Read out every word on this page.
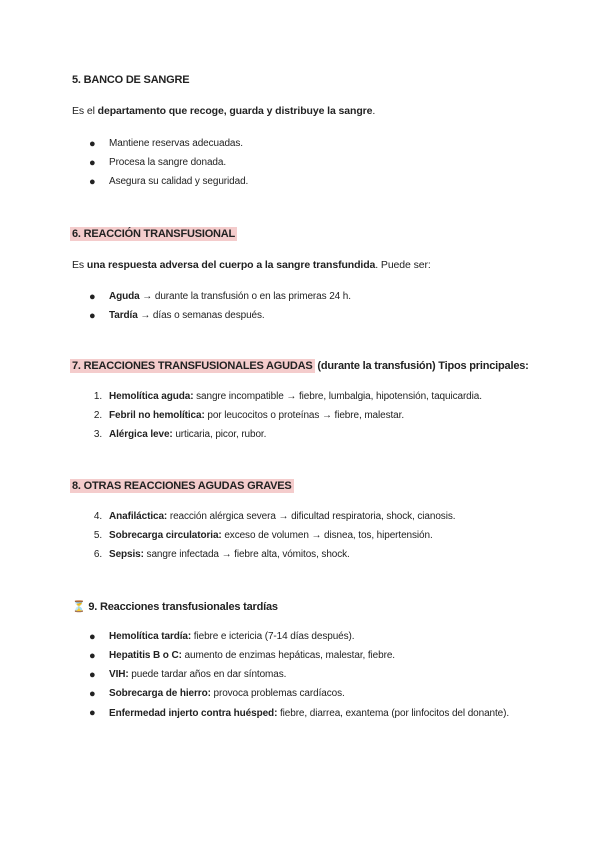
5. BANCO DE SANGRE
Es el departamento que recoge, guarda y distribuye la sangre.
● Mantiene reservas adecuadas.
● Procesa la sangre donada.
● Asegura su calidad y seguridad.
6. REACCIÓN TRANSFUSIONAL
Es una respuesta adversa del cuerpo a la sangre transfundida. Puede ser:
● Aguda → durante la transfusión o en las primeras 24 h.
● Tardía → días o semanas después.
7. REACCIONES TRANSFUSIONALES AGUDAS (durante la transfusión) Tipos principales:
1. Hemolítica aguda: sangre incompatible → fiebre, lumbalgia, hipotensión, taquicardia.
2. Febril no hemolítica: por leucocitos o proteínas → fiebre, malestar.
3. Alérgica leve: urticaria, picor, rubor.
8. OTRAS REACCIONES AGUDAS GRAVES
4. Anafiláctica: reacción alérgica severa → dificultad respiratoria, shock, cianosis.
5. Sobrecarga circulatoria: exceso de volumen → disnea, tos, hipertensión.
6. Sepsis: sangre infectada → fiebre alta, vómitos, shock.
⏳ 9. Reacciones transfusionales tardías
● Hemolítica tardía: fiebre e ictericia (7-14 días después).
● Hepatitis B o C: aumento de enzimas hepáticas, malestar, fiebre.
● VIH: puede tardar años en dar síntomas.
● Sobrecarga de hierro: provoca problemas cardíacos.
● Enfermedad injerto contra huésped: fiebre, diarrea, exantema (por linfocitos del donante).
